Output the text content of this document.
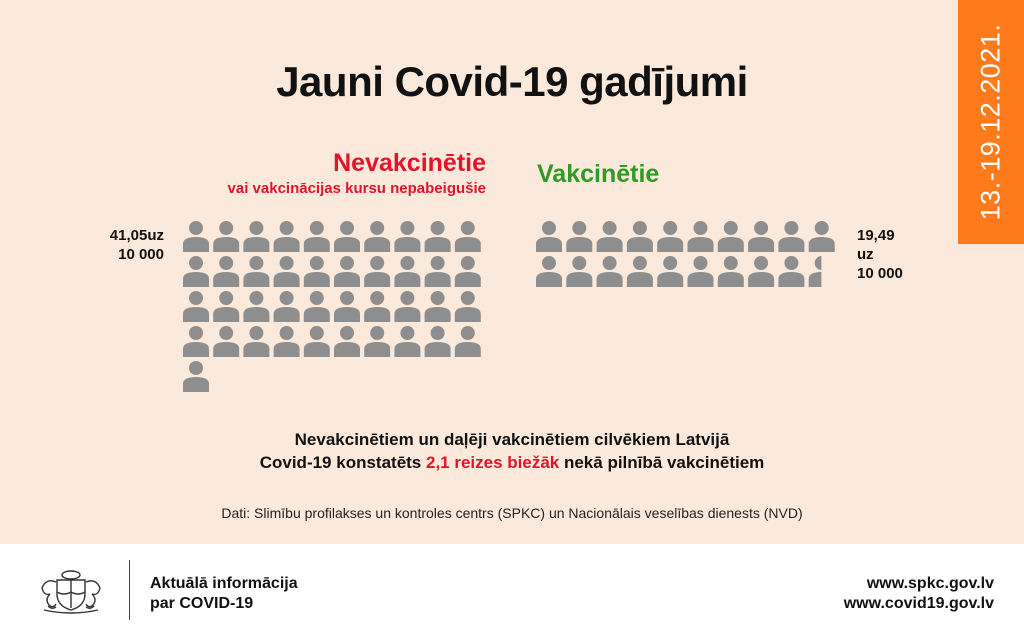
13.-19.12.2021.
Jauni Covid-19 gadījumi
Nevakcinētie
vai vakcinācijas kursu nepabeigušie
Vakcinētie
41,05uz
10 000
19,49
uz
10 000
Nevakcinētiem un daļēji vakcinētiem cilvēkiem Latvijā
Covid-19 konstatēts 2,1 reizes biežāk nekā pilnībā vakcinētiem
Dati: Slimību profilakses un kontroles centrs (SPKC) un Nacionālais veselības dienests (NVD)
Aktuālā informācija
par COVID-19
www.spkc.gov.lv
www.covid19.gov.lv
